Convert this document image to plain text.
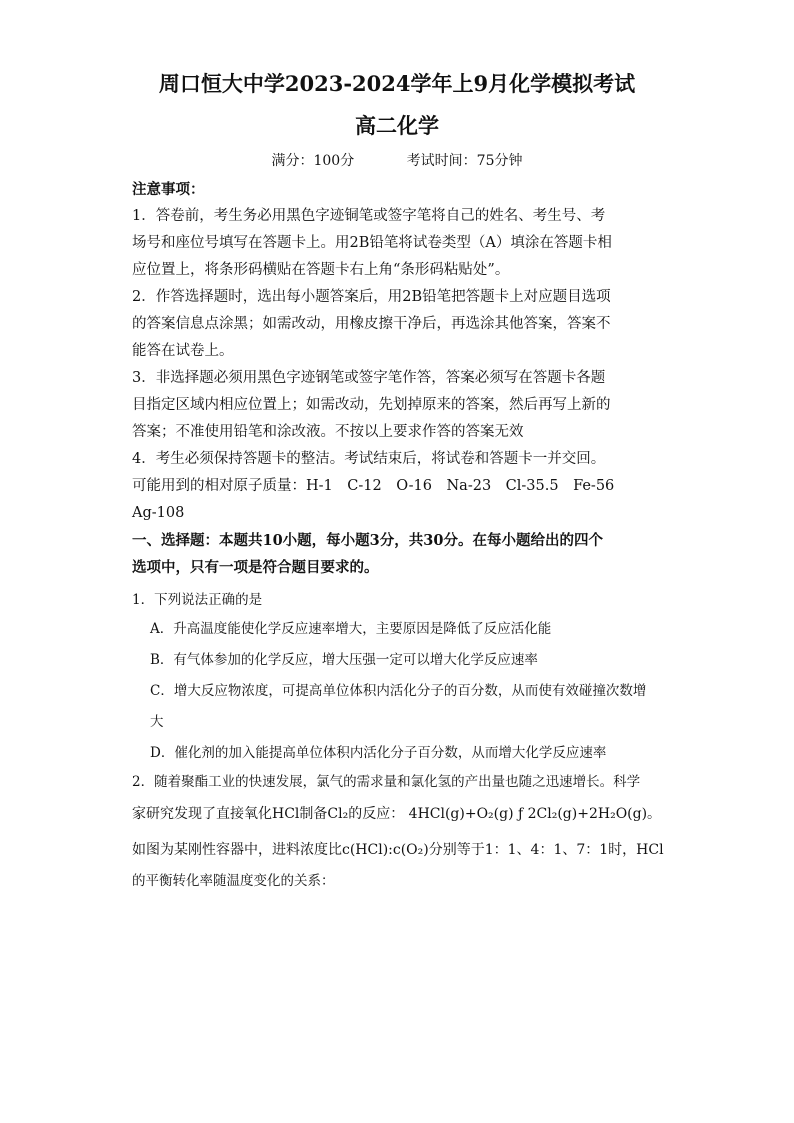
周口恒大中学2023-2024学年上9月化学模拟考试
高二化学
满分：100分	考试时间：75分钟
注意事项：
1．答卷前，考生务必用黑色字迹铜笔或签字笔将自己的姓名、考生号、考
场号和座位号填写在答题卡上。用2B铅笔将试卷类型（A）填涂在答题卡相
应位置上，将条形码横贴在答题卡右上角“条形码粘贴处”。
2．作答选择题时，选出每小题答案后，用2B铅笔把答题卡上对应题目选项
的答案信息点涂黑；如需改动，用橡皮擦干净后，再选涂其他答案，答案不
能答在试卷上。
3．非选择题必须用黑色字迹钢笔或签字笔作答，答案必须写在答题卡各题
目指定区域内相应位置上；如需改动，先划掉原来的答案，然后再写上新的
答案；不准使用铅笔和涂改液。不按以上要求作答的答案无效
4．考生必须保持答题卡的整洁。考试结束后，将试卷和答题卡一并交回。
可能用到的相对原子质量：H-1　C-12　O-16　Na-23　Cl-35.5　Fe-56
Ag-108
一、选择题：本题共10小题，每小题3分，共30分。在每小题给出的四个
选项中，只有一项是符合题目要求的。
1．下列说法正确的是
A．升高温度能使化学反应速率增大，主要原因是降低了反应活化能
B．有气体参加的化学反应，增大压强一定可以增大化学反应速率
C．增大反应物浓度，可提高单位体积内活化分子的百分数，从而使有效碰撞次数增
大
D．催化剂的加入能提高单位体积内活化分子百分数，从而增大化学反应速率
2．随着聚酯工业的快速发展，氯气的需求量和氯化氢的产出量也随之迅速增长。科学
家研究发现了直接氧化HCl制备Cl₂的反应： 4HCl(g)+O₂(g) ƒ 2Cl₂(g)+2H₂O(g)。
如图为某刚性容器中，进料浓度比c(HCl):c(O₂)分别等于1：1、4：1、7：1时，HCl
的平衡转化率随温度变化的关系：
